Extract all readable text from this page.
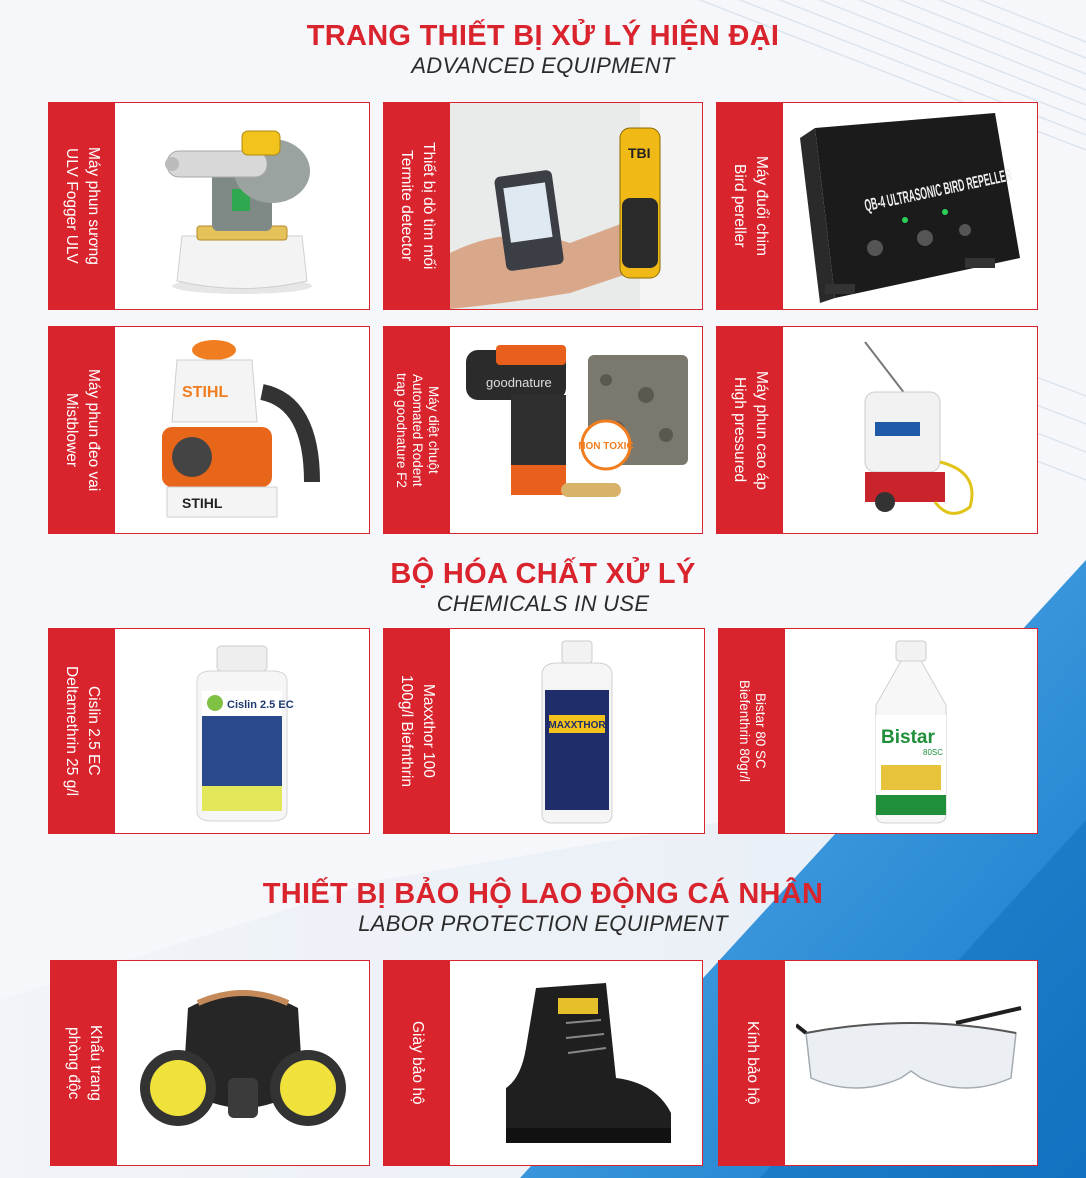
TRANG THIẾT BỊ XỬ LÝ HIỆN ĐẠI
ADVANCED EQUIPMENT
Máy phun sương
ULV Fogger ULV
Thiết bị dò tìm mối
Termite detector
TBI
Máy đuổi chim
Bird pereller
Máy phun đeo vai
Mistblower
STIHL
STIHL
Máy diệt chuột
Automated Rodent
trap goodnature F2
NON TOXIC
goodnature	Máy phun cao áp
High pressured
BỘ HÓA CHẤT XỬ LÝ
CHEMICALS IN USE
Cislin 2.5 EC
Deltamethrin 25 g/l
Cislin 2.5 EC	Maxxthor 100
100g/l Biefnthrin	MAXXTHOR	Bistar 80 SC
Biefenthrin 80gr/l
Bistar
80SC
THIẾT BỊ BẢO HỘ LAO ĐỘNG CÁ NHÂN
LABOR PROTECTION EQUIPMENT
Khẩu trang
phòng độc	Giày bảo hộ	Kính bảo hộ
